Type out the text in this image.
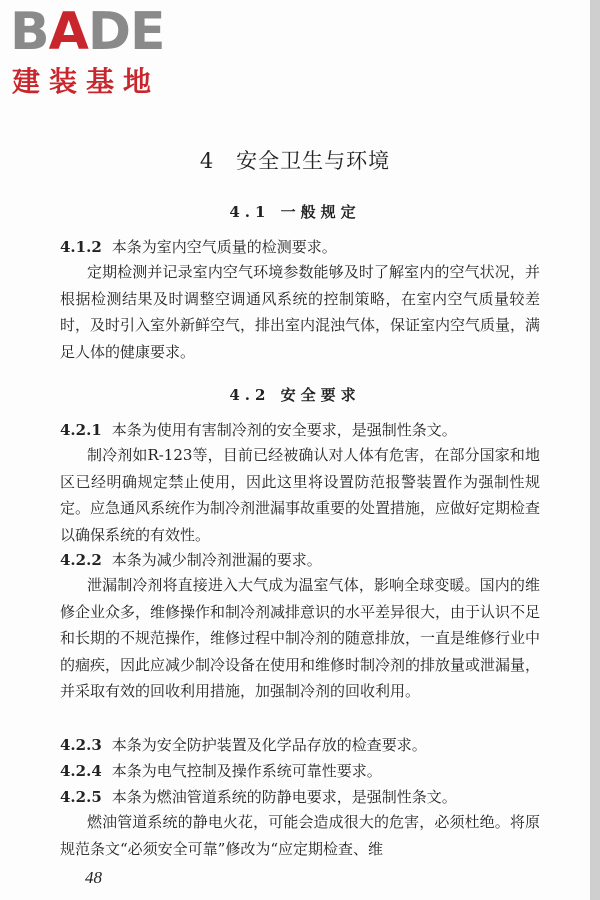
BADE
建装基地
4　安全卫生与环境
4.1 一般规定
4.1.2 本条为室内空气质量的检测要求。
定期检测并记录室内空气环境参数能够及时了解室内的空气状况，并根据检测结果及时调整空调通风系统的控制策略，在室内空气质量较差时，及时引入室外新鲜空气，排出室内混浊气体，保证室内空气质量，满足人体的健康要求。
4.2 安全要求
4.2.1 本条为使用有害制冷剂的安全要求，是强制性条文。
制冷剂如R-123等，目前已经被确认对人体有危害，在部分国家和地区已经明确规定禁止使用，因此这里将设置防范报警装置作为强制性规定。应急通风系统作为制冷剂泄漏事故重要的处置措施，应做好定期检查以确保系统的有效性。
4.2.2 本条为减少制冷剂泄漏的要求。
泄漏制冷剂将直接进入大气成为温室气体，影响全球变暖。国内的维修企业众多，维修操作和制冷剂减排意识的水平差异很大，由于认识不足和长期的不规范操作，维修过程中制冷剂的随意排放，一直是维修行业中的痼疾，因此应减少制冷设备在使用和维修时制冷剂的排放量或泄漏量，并采取有效的回收利用措施，加强制冷剂的回收利用。
4.2.3 本条为安全防护装置及化学品存放的检查要求。
4.2.4 本条为电气控制及操作系统可靠性要求。
4.2.5 本条为燃油管道系统的防静电要求，是强制性条文。
燃油管道系统的静电火花，可能会造成很大的危害，必须杜绝。将原规范条文“必须安全可靠”修改为“应定期检查、维
48
